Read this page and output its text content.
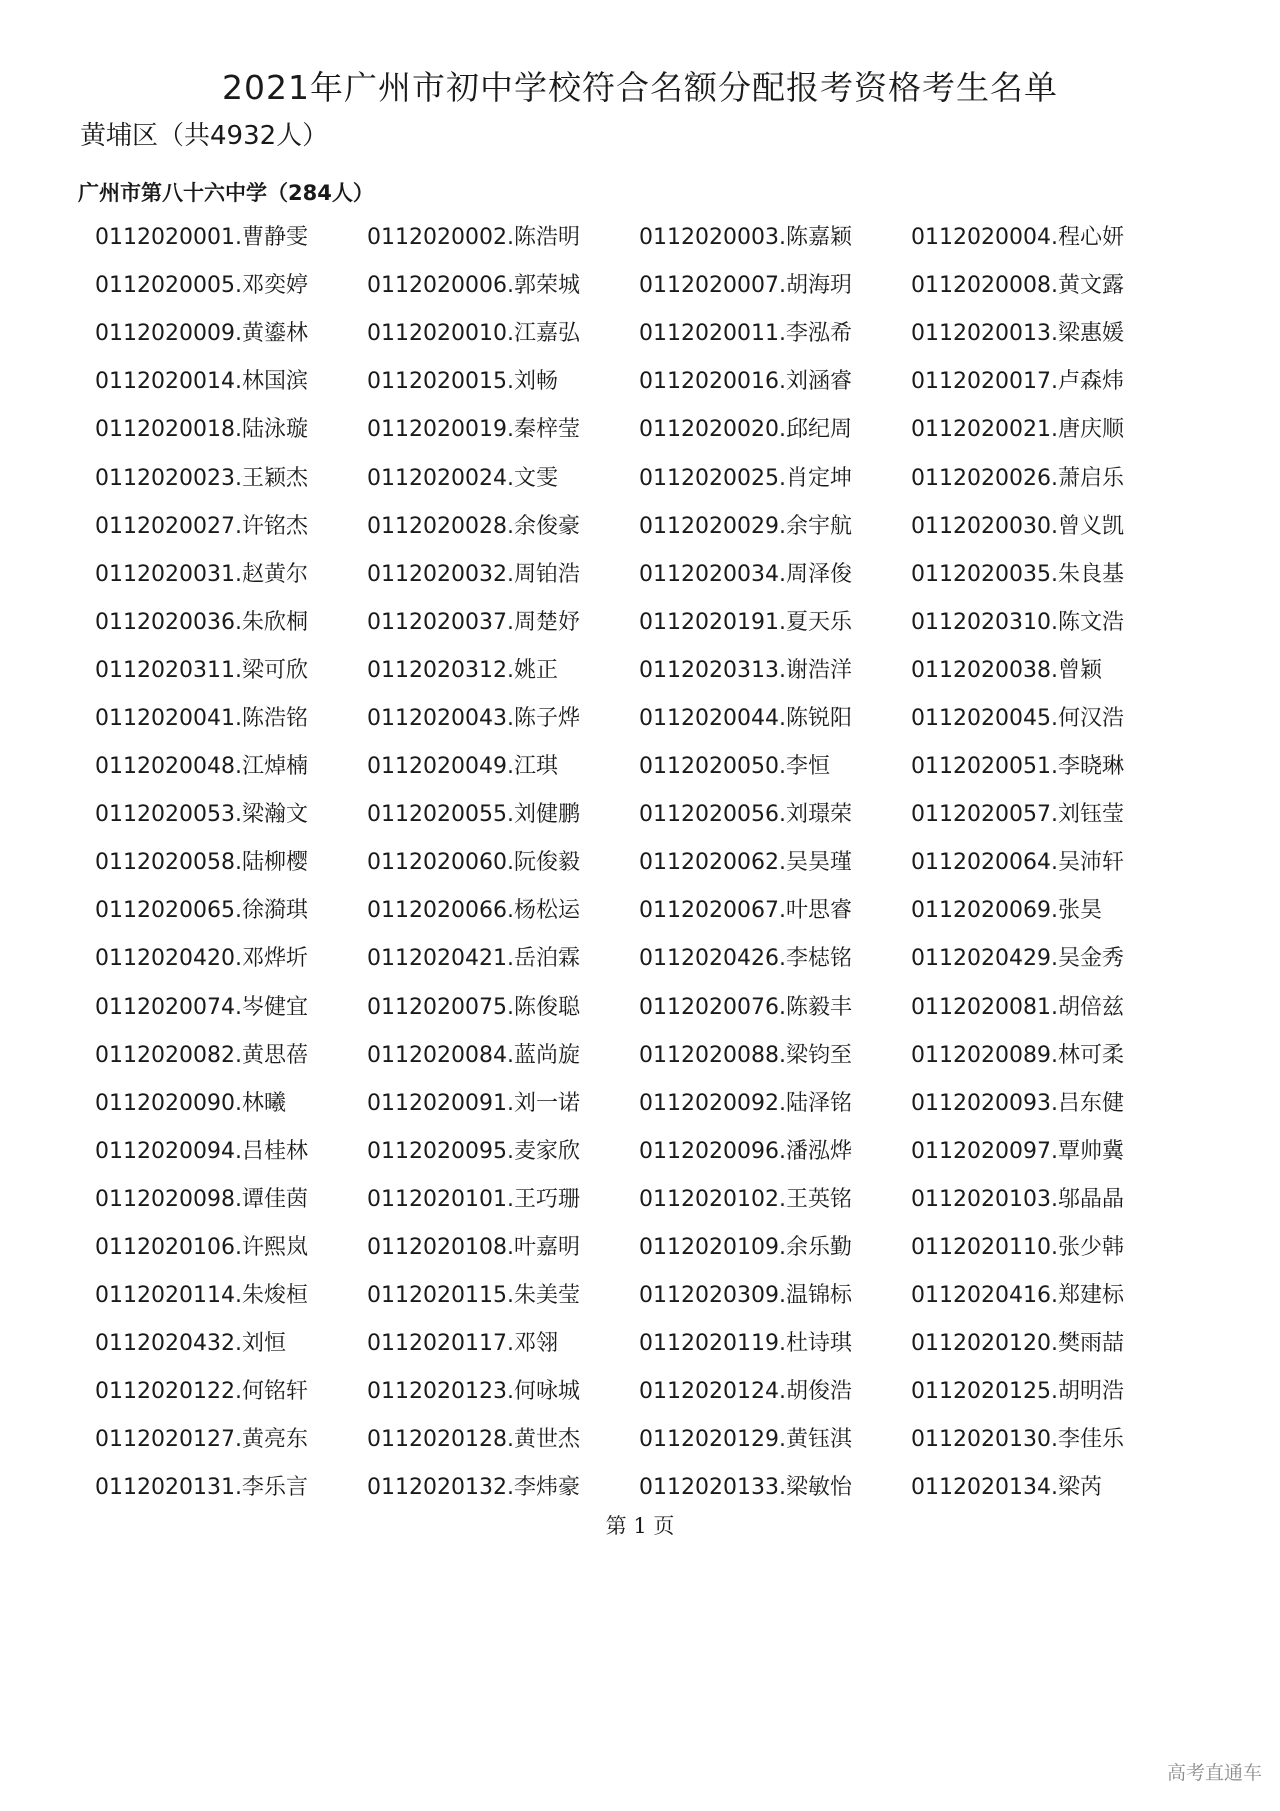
2021年广州市初中学校符合名额分配报考资格考生名单

黄埔区（共4932人）

广州市第八十六中学（284人）

0112020001.曹静雯	0112020002.陈浩明	0112020003.陈嘉颖	0112020004.程心妍
0112020005.邓奕婷	0112020006.郭荣城	0112020007.胡海玥	0112020008.黄文露
0112020009.黄鎏林	0112020010.江嘉弘	0112020011.李泓希	0112020013.梁惠媛
0112020014.林国滨	0112020015.刘畅	0112020016.刘涵睿	0112020017.卢森炜
0112020018.陆泳璇	0112020019.秦梓莹	0112020020.邱纪周	0112020021.唐庆顺
0112020023.王颖杰	0112020024.文雯	0112020025.肖定坤	0112020026.萧启乐
0112020027.许铭杰	0112020028.余俊豪	0112020029.余宇航	0112020030.曾义凯
0112020031.赵黄尔	0112020032.周铂浩	0112020034.周泽俊	0112020035.朱良基
0112020036.朱欣桐	0112020037.周楚妤	0112020191.夏天乐	0112020310.陈文浩
0112020311.梁可欣	0112020312.姚正	0112020313.谢浩洋	0112020038.曾颖
0112020041.陈浩铭	0112020043.陈子烨	0112020044.陈锐阳	0112020045.何汉浩
0112020048.江焯楠	0112020049.江琪	0112020050.李恒	0112020051.李晓琳
0112020053.梁瀚文	0112020055.刘健鹏	0112020056.刘璟荣	0112020057.刘钰莹
0112020058.陆柳樱	0112020060.阮俊毅	0112020062.吴昊瑾	0112020064.吴沛轩
0112020065.徐漪琪	0112020066.杨松运	0112020067.叶思睿	0112020069.张昊
0112020420.邓烨圻	0112020421.岳泊霖	0112020426.李梽铭	0112020429.吴金秀
0112020074.岑健宜	0112020075.陈俊聪	0112020076.陈毅丰	0112020081.胡倍兹
0112020082.黄思蓓	0112020084.蓝尚旋	0112020088.梁钧至	0112020089.林可柔
0112020090.林曦	0112020091.刘一诺	0112020092.陆泽铭	0112020093.吕东健
0112020094.吕桂林	0112020095.麦家欣	0112020096.潘泓烨	0112020097.覃帅冀
0112020098.谭佳茵	0112020101.王巧珊	0112020102.王英铭	0112020103.邬晶晶
0112020106.许熙岚	0112020108.叶嘉明	0112020109.余乐勤	0112020110.张少韩
0112020114.朱焌桓	0112020115.朱美莹	0112020309.温锦标	0112020416.郑建标
0112020432.刘恒	0112020117.邓翎	0112020119.杜诗琪	0112020120.樊雨喆
0112020122.何铭轩	0112020123.何咏城	0112020124.胡俊浩	0112020125.胡明浩
0112020127.黄亮东	0112020128.黄世杰	0112020129.黄钰淇	0112020130.李佳乐
0112020131.李乐言	0112020132.李炜豪	0112020133.梁敏怡	0112020134.梁芮
第 1 页
高考直通车
